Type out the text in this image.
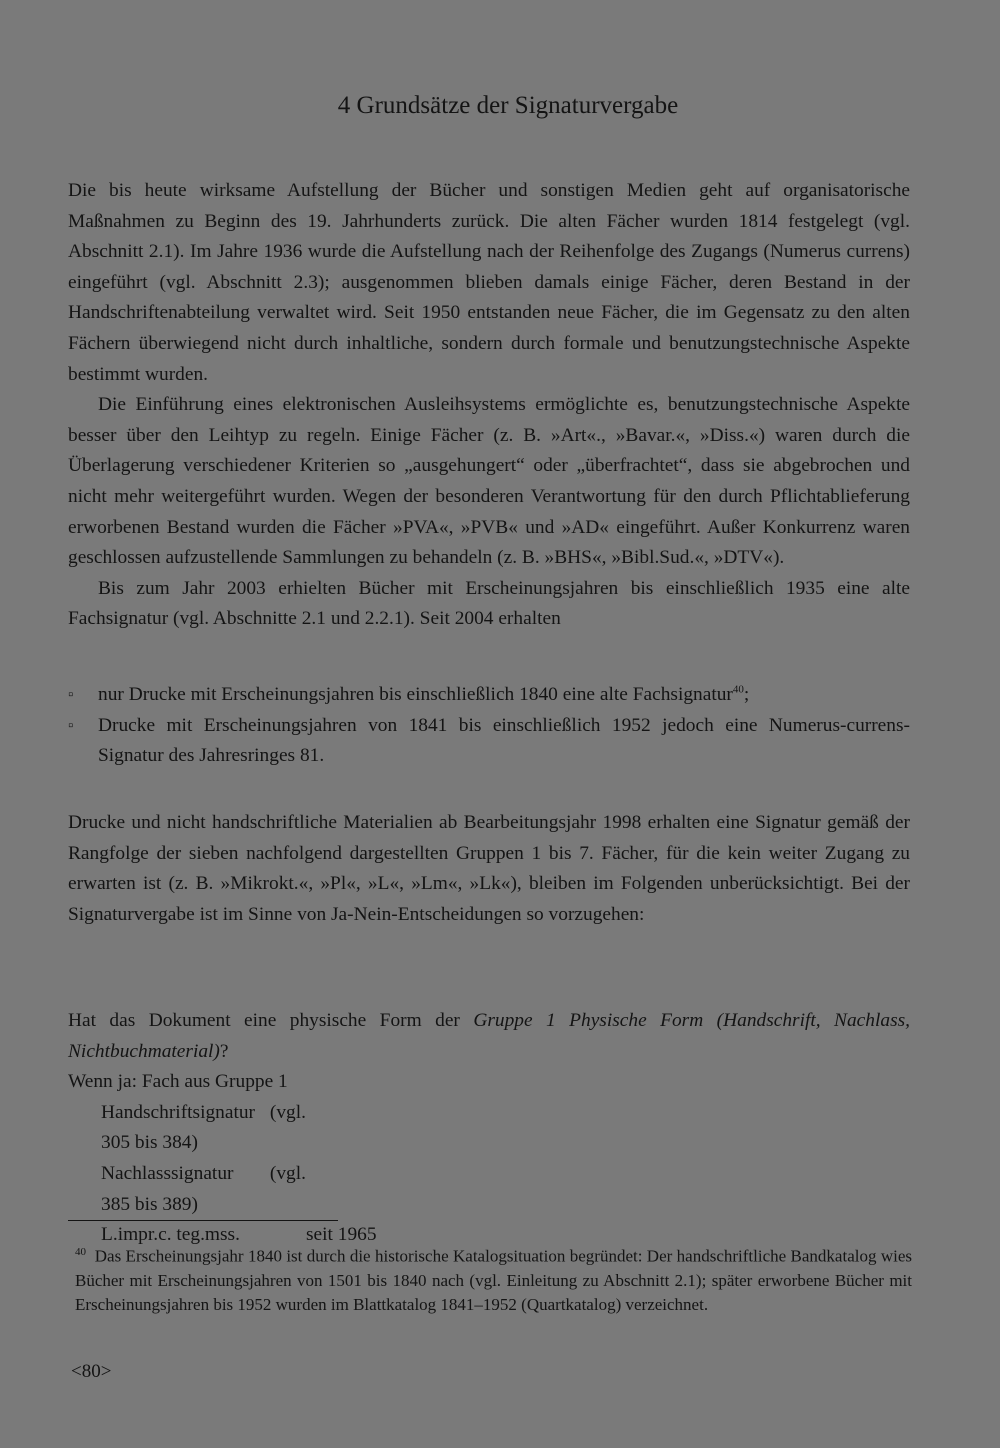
4 Grundsätze der Signaturvergabe

Die bis heute wirksame Aufstellung der Bücher und sonstigen Medien geht auf organisatorische Maßnahmen zu Beginn des 19. Jahrhunderts zurück. Die alten Fächer wurden 1814 festgelegt (vgl. Abschnitt 2.1). Im Jahre 1936 wurde die Aufstellung nach der Reihenfolge des Zugangs (Numerus currens) eingeführt (vgl. Abschnitt 2.3); ausgenommen blieben damals einige Fächer, deren Bestand in der Handschriftenabteilung verwaltet wird. Seit 1950 entstanden neue Fächer, die im Gegensatz zu den alten Fächern überwiegend nicht durch inhaltliche, sondern durch formale und benutzungstechnische Aspekte bestimmt wurden.

Die Einführung eines elektronischen Ausleihsystems ermöglichte es, benutzungstechnische Aspekte besser über den Leihtyp zu regeln. Einige Fächer (z. B. »Art«., »Bavar.«, »Diss.«) waren durch die Überlagerung verschiedener Kriterien so „ausgehungert“ oder „überfrachtet“, dass sie abgebrochen und nicht mehr weitergeführt wurden. Wegen der besonderen Verantwortung für den durch Pflichtablieferung erworbenen Bestand wurden die Fächer »PVA«, »PVB« und »AD« eingeführt. Außer Konkurrenz waren geschlossen aufzustellende Sammlungen zu behandeln (z. B. »BHS«, »Bibl.Sud.«, »DTV«).

Bis zum Jahr 2003 erhielten Bücher mit Erscheinungsjahren bis einschließlich 1935 eine alte Fachsignatur (vgl. Abschnitte 2.1 und 2.2.1). Seit 2004 erhalten

▫ nur Drucke mit Erscheinungsjahren bis einschließlich 1840 eine alte Fachsignatur$^{40}$;
▫ Drucke mit Erscheinungsjahren von 1841 bis einschließlich 1952 jedoch eine Numerus-currens-Signatur des Jahresringes 81.

Drucke und nicht handschriftliche Materialien ab Bearbeitungsjahr 1998 erhalten eine Signatur gemäß der Rangfolge der sieben nachfolgend dargestellten Gruppen 1 bis 7. Fächer, für die kein weiter Zugang zu erwarten ist (z. B. »Mikrokt.«, »Pl«, »L«, »Lm«, »Lk«), bleiben im Folgenden unberücksichtigt. Bei der Signaturvergabe ist im Sinne von Ja-Nein-Entscheidungen so vorzugehen:

Hat das Dokument eine physische Form der Gruppe 1 Physische Form (Handschrift, Nachlass, Nichtbuchmaterial)?

Wenn ja: Fach aus Gruppe 1

Handschriftsignatur (vgl. 305 bis 384)

Nachlasssignatur (vgl. 385 bis 389)

L.impr.c. teg.mss.	seit 1965

$^{40}$ Das Erscheinungsjahr 1840 ist durch die historische Katalogsituation begründet: Der handschriftliche Bandkatalog wies Bücher mit Erscheinungsjahren von 1501 bis 1840 nach (vgl. Einleitung zu Abschnitt 2.1); später erworbene Bücher mit Erscheinungsjahren bis 1952 wurden im Blattkatalog 1841–1952 (Quartkatalog) verzeichnet.

<80>
